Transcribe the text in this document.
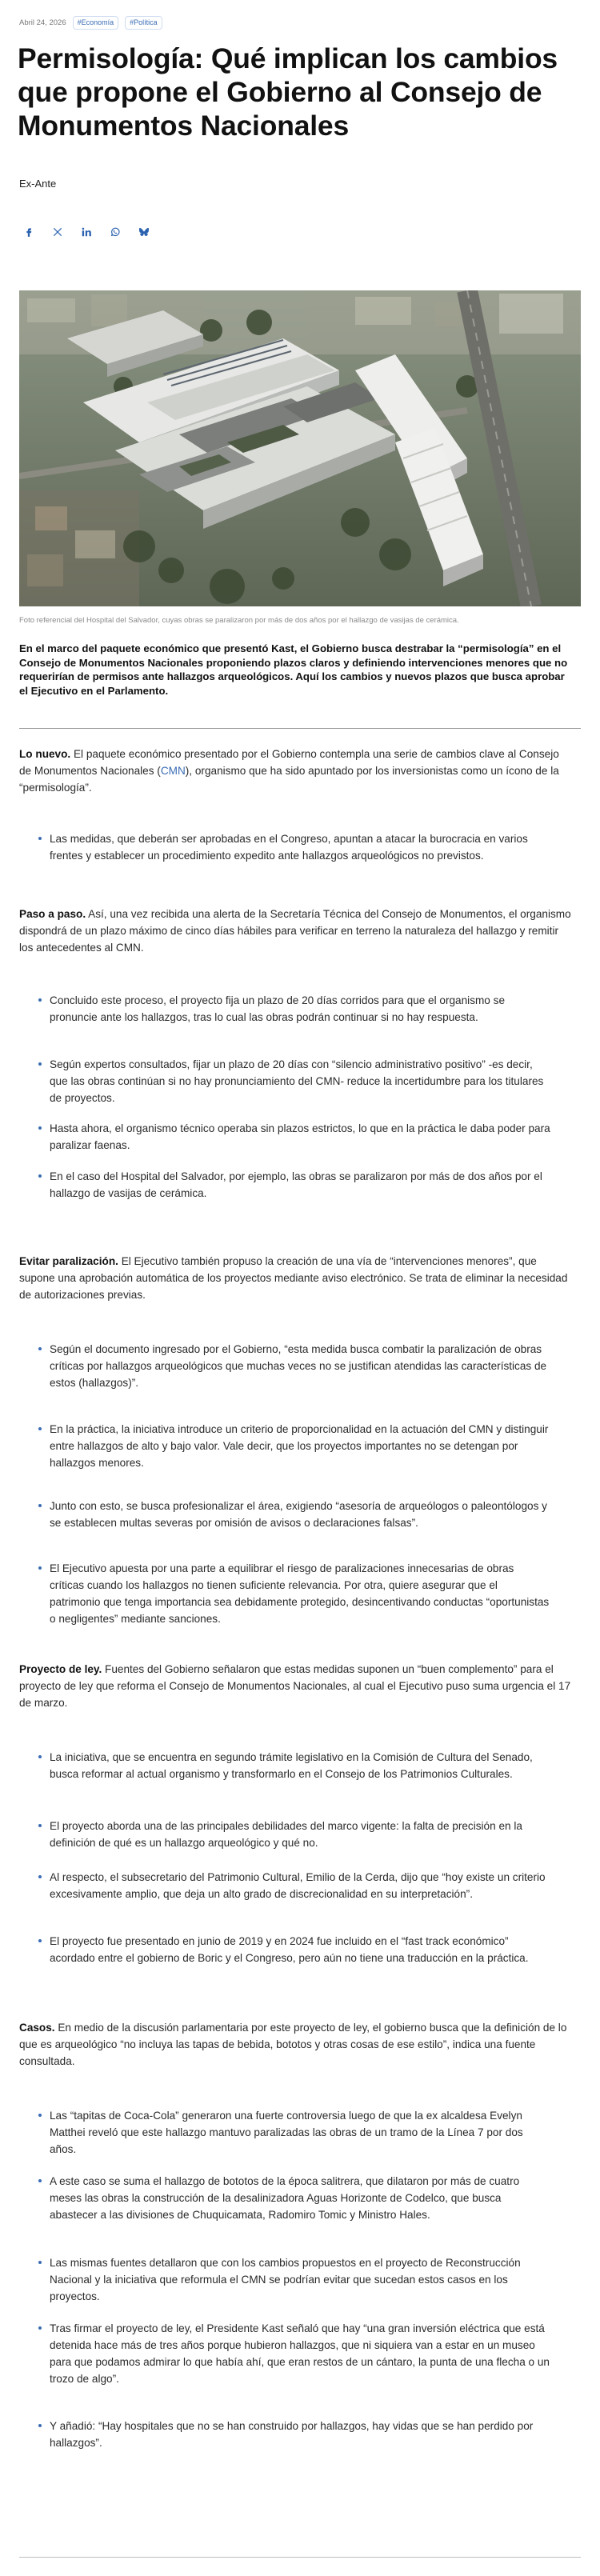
Abril 24, 2026	#Economía	#Política
Permisología: Qué implican los cambios que propone el Gobierno al Consejo de Monumentos Nacionales
Ex-Ante
Foto referencial del Hospital del Salvador, cuyas obras se paralizaron por más de dos años por el hallazgo de vasijas de cerámica.

En el marco del paquete económico que presentó Kast, el Gobierno busca destrabar la “permisología” en el Consejo de Monumentos Nacionales proponiendo plazos claros y definiendo intervenciones menores que no requerirían de permisos ante hallazgos arqueológicos. Aquí los cambios y nuevos plazos que busca aprobar el Ejecutivo en el Parlamento.

Lo nuevo. El paquete económico presentado por el Gobierno contempla una serie de cambios clave al Consejo de Monumentos Nacionales (CMN), organismo que ha sido apuntado por los inversionistas como un ícono de la “permisología”.

Las medidas, que deberán ser aprobadas en el Congreso, apuntan a atacar la burocracia en varios frentes y establecer un procedimiento expedito ante hallazgos arqueológicos no previstos.

Paso a paso. Así, una vez recibida una alerta de la Secretaría Técnica del Consejo de Monumentos, el organismo dispondrá de un plazo máximo de cinco días hábiles para verificar en terreno la naturaleza del hallazgo y remitir los antecedentes al CMN.

Concluido este proceso, el proyecto fija un plazo de 20 días corridos para que el organismo se pronuncie ante los hallazgos, tras lo cual las obras podrán continuar si no hay respuesta.
Según expertos consultados, fijar un plazo de 20 días con “silencio administrativo positivo” -es decir, que las obras continúan si no hay pronunciamiento del CMN- reduce la incertidumbre para los titulares de proyectos.
Hasta ahora, el organismo técnico operaba sin plazos estrictos, lo que en la práctica le daba poder para paralizar faenas.
En el caso del Hospital del Salvador, por ejemplo, las obras se paralizaron por más de dos años por el hallazgo de vasijas de cerámica.

Evitar paralización. El Ejecutivo también propuso la creación de una vía de “intervenciones menores”, que supone una aprobación automática de los proyectos mediante aviso electrónico. Se trata de eliminar la necesidad de autorizaciones previas.

Según el documento ingresado por el Gobierno, “esta medida busca combatir la paralización de obras críticas por hallazgos arqueológicos que muchas veces no se justifican atendidas las características de estos (hallazgos)”.
En la práctica, la iniciativa introduce un criterio de proporcionalidad en la actuación del CMN y distinguir entre hallazgos de alto y bajo valor. Vale decir, que los proyectos importantes no se detengan por hallazgos menores.
Junto con esto, se busca profesionalizar el área, exigiendo “asesoría de arqueólogos o paleontólogos y se establecen multas severas por omisión de avisos o declaraciones falsas”.
El Ejecutivo apuesta por una parte a equilibrar el riesgo de paralizaciones innecesarias de obras críticas cuando los hallazgos no tienen suficiente relevancia. Por otra, quiere asegurar que el patrimonio que tenga importancia sea debidamente protegido, desincentivando conductas “oportunistas o negligentes” mediante sanciones.

Proyecto de ley. Fuentes del Gobierno señalaron que estas medidas suponen un “buen complemento” para el proyecto de ley que reforma el Consejo de Monumentos Nacionales, al cual el Ejecutivo puso suma urgencia el 17 de marzo.

La iniciativa, que se encuentra en segundo trámite legislativo en la Comisión de Cultura del Senado, busca reformar al actual organismo y transformarlo en el Consejo de los Patrimonios Culturales.
El proyecto aborda una de las principales debilidades del marco vigente: la falta de precisión en la definición de qué es un hallazgo arqueológico y qué no.
Al respecto, el subsecretario del Patrimonio Cultural, Emilio de la Cerda, dijo que “hoy existe un criterio excesivamente amplio, que deja un alto grado de discrecionalidad en su interpretación”.
El proyecto fue presentado en junio de 2019 y en 2024 fue incluido en el “fast track económico” acordado entre el gobierno de Boric y el Congreso, pero aún no tiene una traducción en la práctica.

Casos. En medio de la discusión parlamentaria por este proyecto de ley, el gobierno busca que la definición de lo que es arqueológico “no incluya las tapas de bebida, bototos y otras cosas de ese estilo”, indica una fuente consultada.

Las “tapitas de Coca-Cola” generaron una fuerte controversia luego de que la ex alcaldesa Evelyn Matthei reveló que este hallazgo mantuvo paralizadas las obras de un tramo de la Línea 7 por dos años.
A este caso se suma el hallazgo de bototos de la época salitrera, que dilataron por más de cuatro meses las obras la construcción de la desalinizadora Aguas Horizonte de Codelco, que busca abastecer a las divisiones de Chuquicamata, Radomiro Tomic y Ministro Hales.
Las mismas fuentes detallaron que con los cambios propuestos en el proyecto de Reconstrucción Nacional y la iniciativa que reformula el CMN se podrían evitar que sucedan estos casos en los proyectos.
Tras firmar el proyecto de ley, el Presidente Kast señaló que hay “una gran inversión eléctrica que está detenida hace más de tres años porque hubieron hallazgos, que ni siquiera van a estar en un museo para que podamos admirar lo que había ahí, que eran restos de un cántaro, la punta de una flecha o un trozo de algo”.
Y añadió: “Hay hospitales que no se han construido por hallazgos, hay vidas que se han perdido por hallazgos”.
